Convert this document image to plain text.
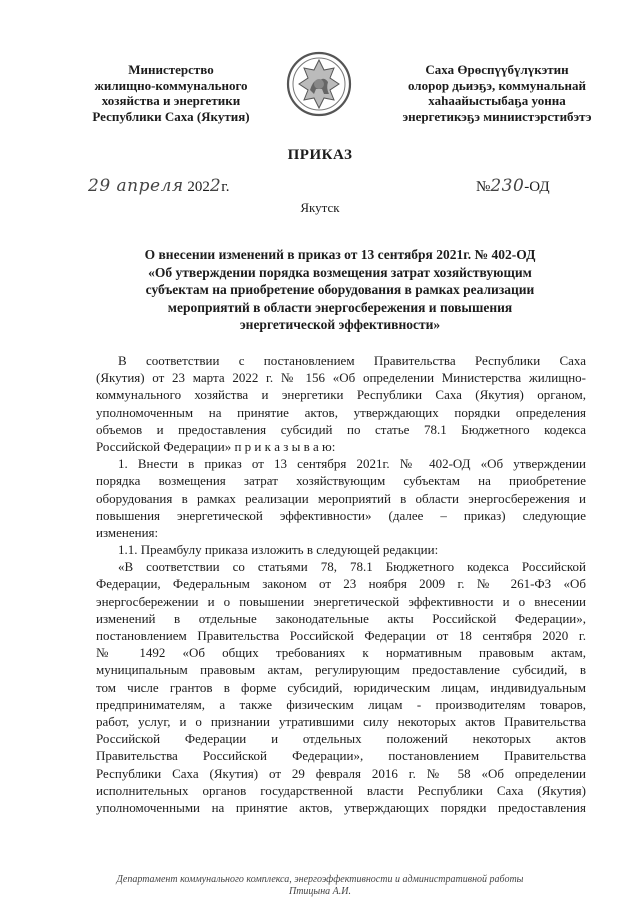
Министерство
жилищно-коммунального
хозяйства и энергетики
Республики Саха (Якутия)
Саха Өрөспүүбүлүкэтин
олорор дьиэҕэ, коммунальнай
хаһаайыстыбаҕа уонна
энергетикэҕэ миниистэрстибэтэ
ПРИКАЗ
29 апреля 2022г.	№230-ОД
Якутск
О внесении изменений в приказ от 13 сентября 2021г. № 402-ОД
«Об утверждении порядка возмещения затрат хозяйствующим
субъектам на приобретение оборудования в рамках реализации
мероприятий в области энергосбережения и повышения
энергетической эффективности»
В соответствии с постановлением Правительства Республики Саха
(Якутия) от 23 марта 2022 г. № 156 «Об определении Министерства жилищно-
коммунального хозяйства и энергетики Республики Саха (Якутия) органом,
уполномоченным на принятие актов, утверждающих порядки определения
объемов и предоставления субсидий по статье 78.1 Бюджетного кодекса
Российской Федерации» п р и к а з ы в а ю:
1. Внести в приказ от 13 сентября 2021г. № 402-ОД «Об утверждении
порядка возмещения затрат хозяйствующим субъектам на приобретение
оборудования в рамках реализации мероприятий в области энергосбережения и
повышения энергетической эффективности» (далее – приказ) следующие
изменения:
1.1. Преамбулу приказа изложить в следующей редакции:
«В соответствии со статьями 78, 78.1 Бюджетного кодекса Российской
Федерации, Федеральным законом от 23 ноября 2009 г. № 261-ФЗ «Об
энергосбережении и о повышении энергетической эффективности и о внесении
изменений в отдельные законодательные акты Российской Федерации»,
постановлением Правительства Российской Федерации от 18 сентября 2020 г.
№ 1492 «Об общих требованиях к нормативным правовым актам,
муниципальным правовым актам, регулирующим предоставление субсидий, в
том числе грантов в форме субсидий, юридическим лицам, индивидуальным
предпринимателям, а также физическим лицам - производителям товаров,
работ, услуг, и о признании утратившими силу некоторых актов Правительства
Российской Федерации и отдельных положений некоторых актов
Правительства Российской Федерации», постановлением Правительства
Республики Саха (Якутия) от 29 февраля 2016 г. № 58 «Об определении
исполнительных органов государственной власти Республики Саха (Якутия)
уполномоченными на принятие актов, утверждающих порядки предоставления
Департамент коммунального комплекса, энергоэффективности и административной работы
Птицына А.И.
